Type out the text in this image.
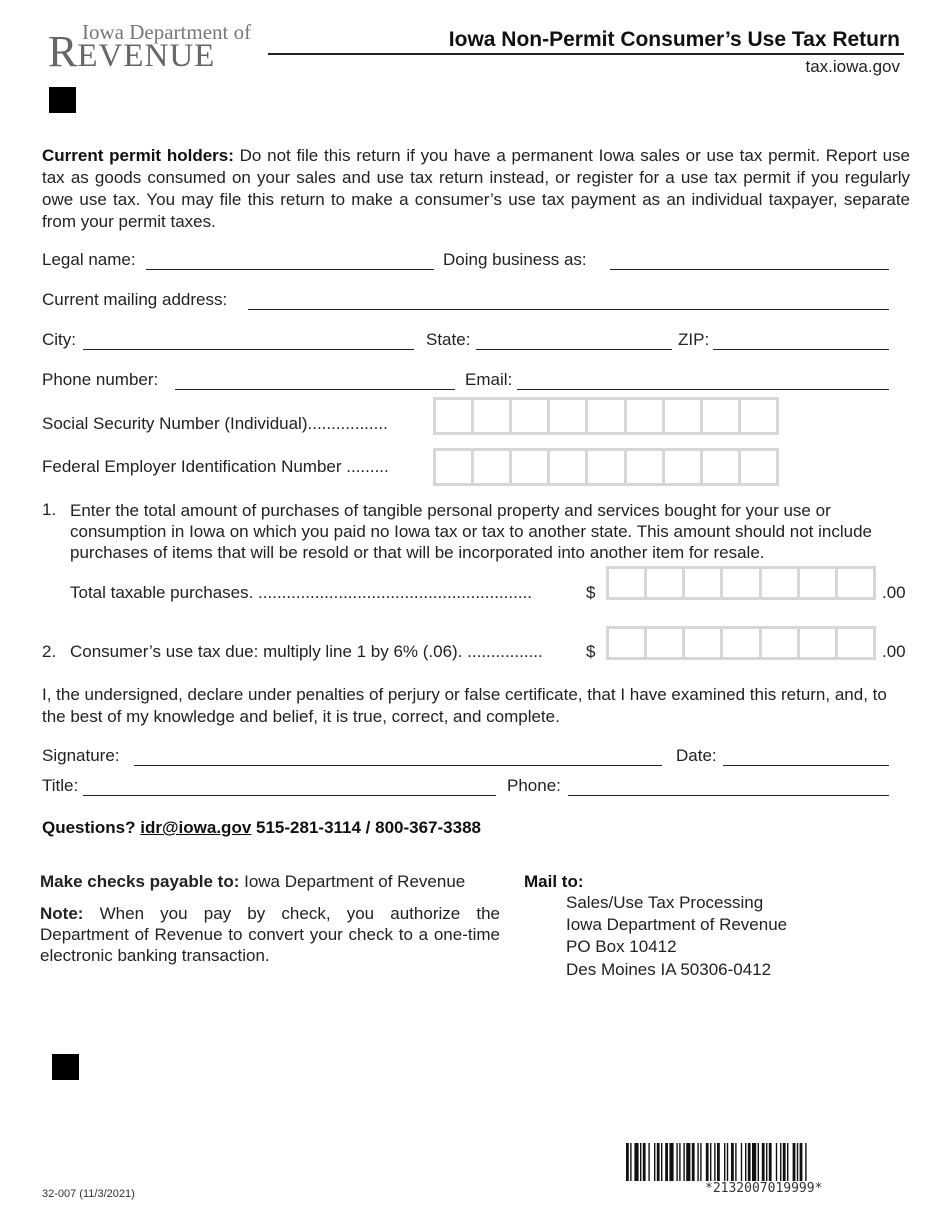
Iowa Department of
REVENUE	Iowa Non-Permit Consumer’s Use Tax Return
tax.iowa.gov
Current permit holders: Do not file this return if you have a permanent Iowa sales or use tax permit. Report use tax as goods consumed on your sales and use tax return instead, or register for a use tax permit if you regularly owe use tax. You may file this return to make a consumer’s use tax payment as an individual taxpayer, separate from your permit taxes.
Legal name:	Doing business as:
Current mailing address:
City:	State:	ZIP:
Phone number:	Email:
Social Security Number (Individual).................
Federal Employer Identification Number .........
1. Enter the total amount of purchases of tangible personal property and services bought for your use or consumption in Iowa on which you paid no Iowa tax or tax to another state. This amount should not include purchases of items that will be resold or that will be incorporated into another item for resale.
Total taxable purchases. ..........................................................	$	.00
2. Consumer’s use tax due: multiply line 1 by 6% (.06). ................	$	.00
I, the undersigned, declare under penalties of perjury or false certificate, that I have examined this return, and, to the best of my knowledge and belief, it is true, correct, and complete.
Signature:	Date:
Title:	Phone:
Questions? idr@iowa.gov 515-281-3114 / 800-367-3388
Make checks payable to: Iowa Department of Revenue
Note: When you pay by check, you authorize the Department of Revenue to convert your check to a one-time electronic banking transaction.
Mail to:
Sales/Use Tax Processing
Iowa Department of Revenue
PO Box 10412
Des Moines IA 50306-0412
*2132007019999*
32-007 (11/3/2021)
